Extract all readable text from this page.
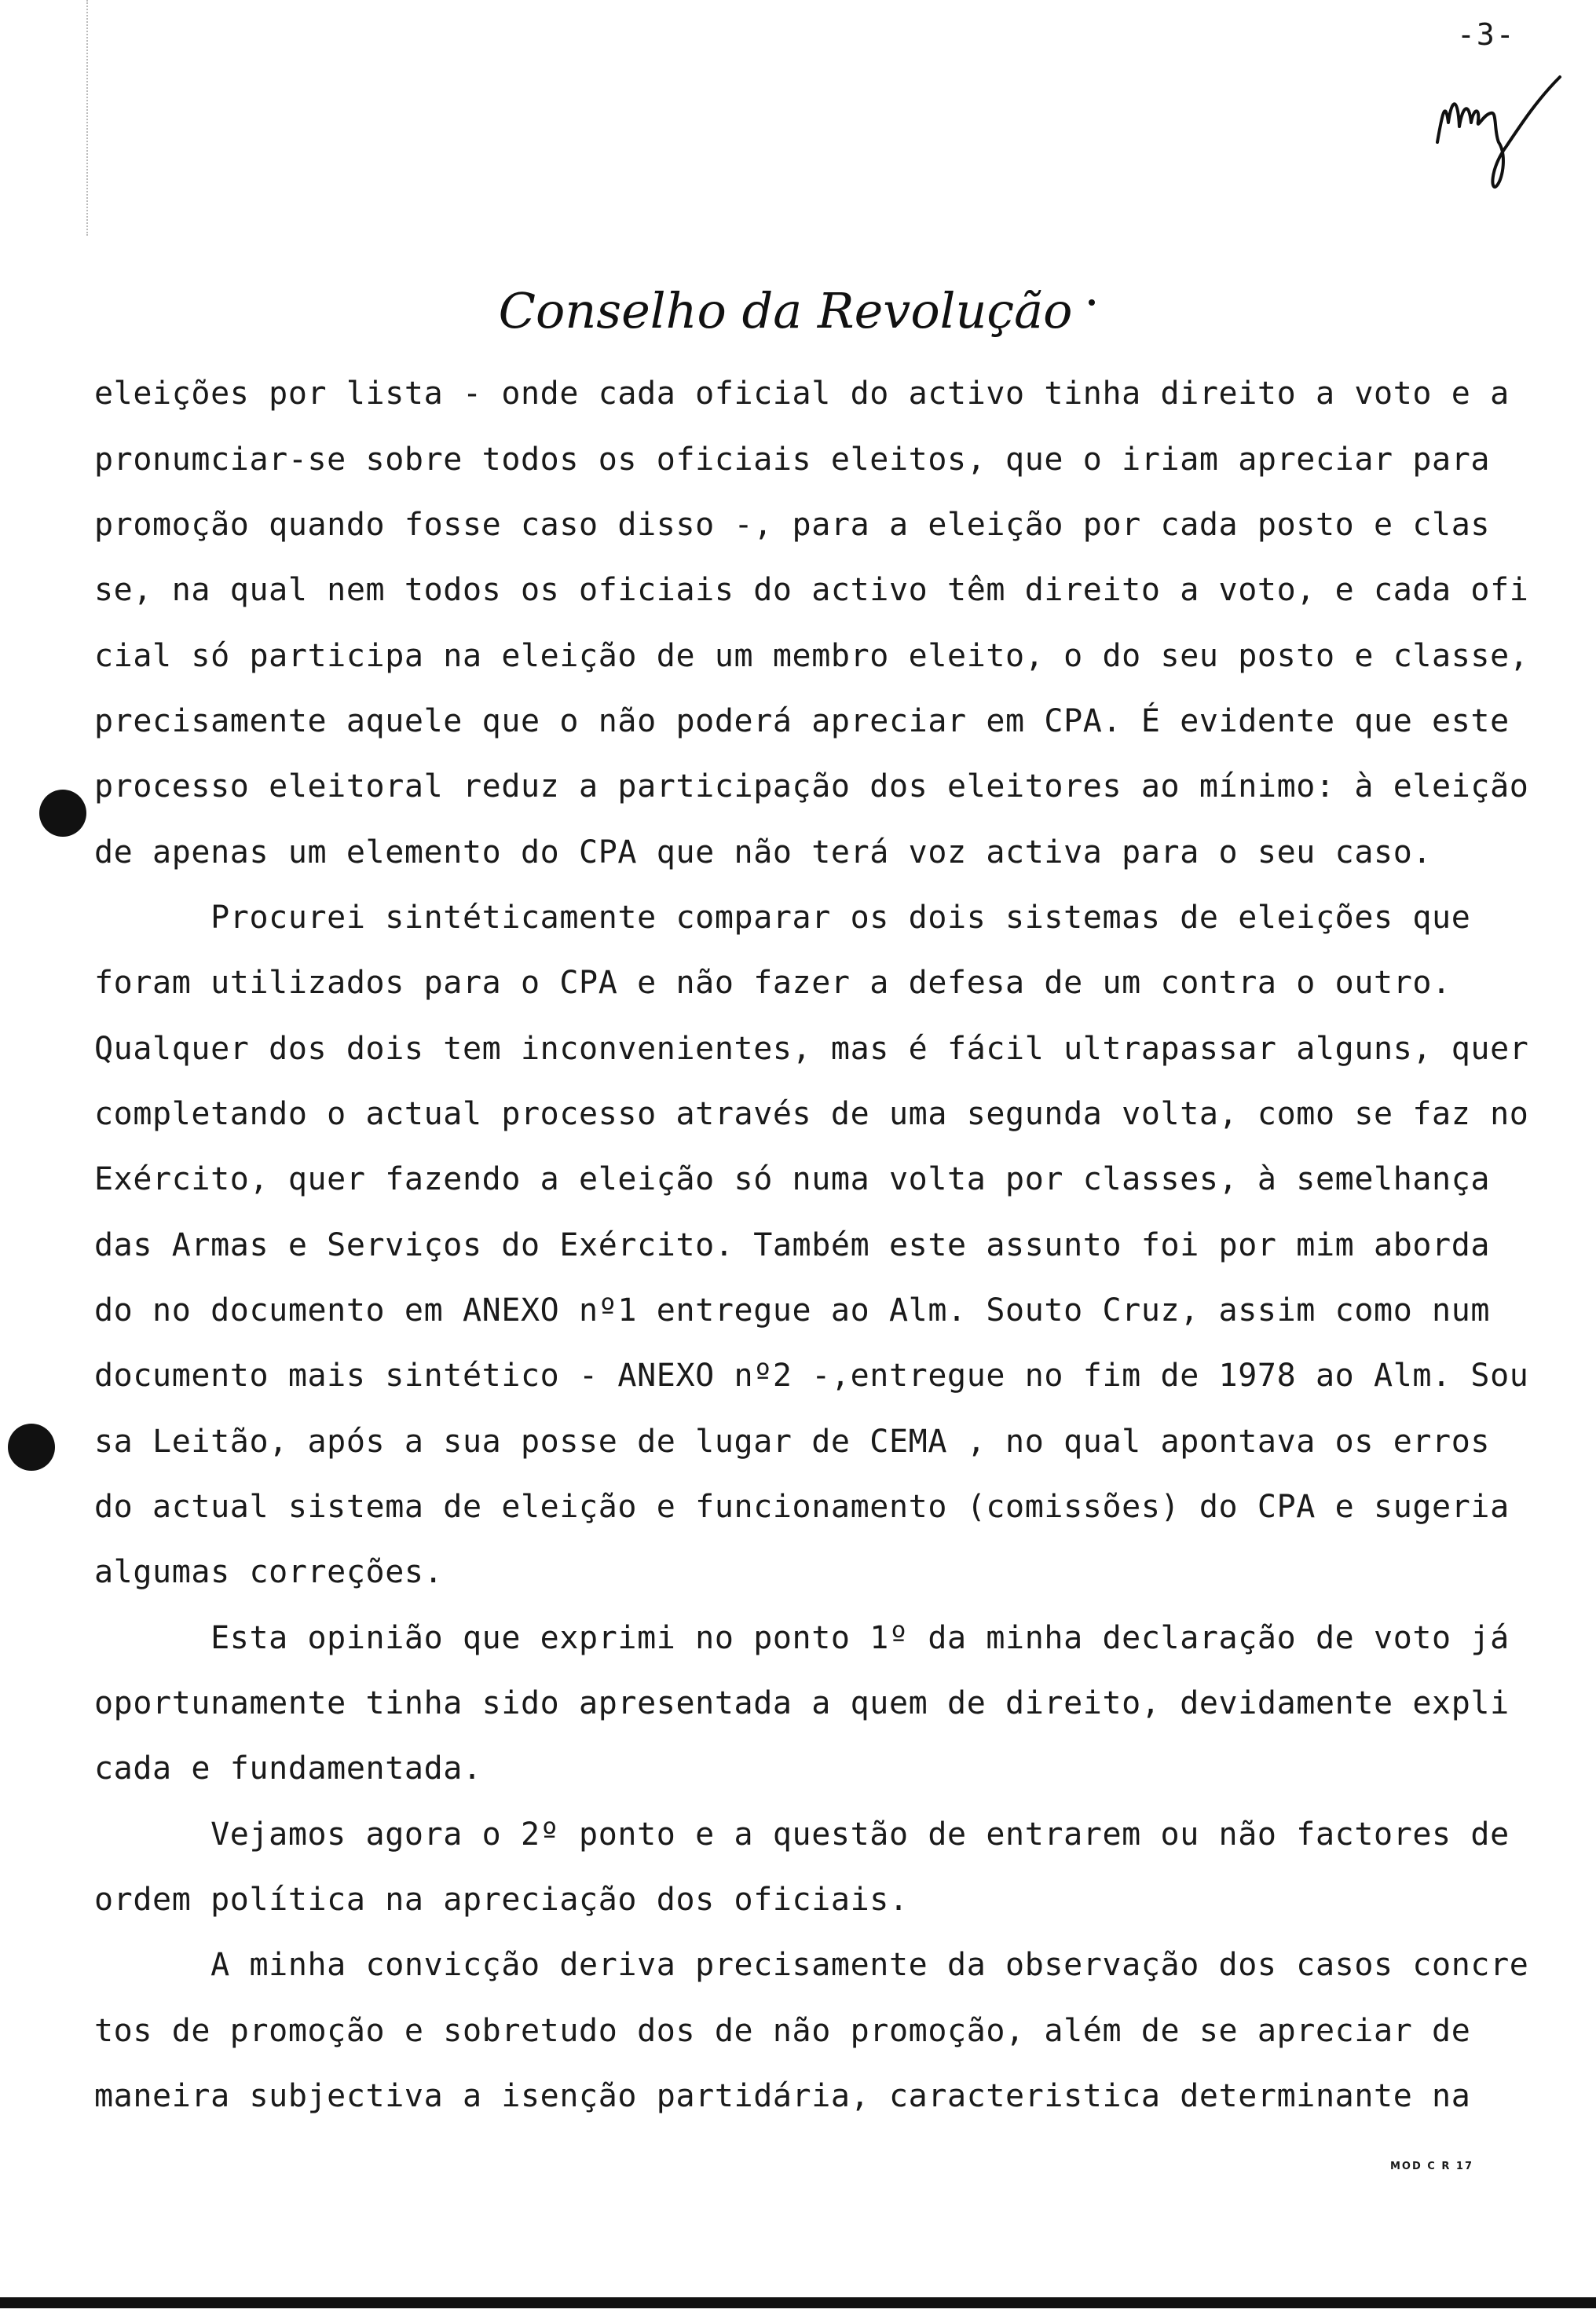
-3-
Conselho da Revolução
eleições por lista - onde cada oficial do activo tinha direito a voto e a
pronumciar-se sobre todos os oficiais eleitos, que o iriam apreciar para
promoção quando fosse caso disso -, para a eleição por cada posto e clas
se, na qual nem todos os oficiais do activo têm direito a voto, e cada ofi
cial só participa na eleição de um membro eleito, o do seu posto e classe,
precisamente aquele que o não poderá apreciar em CPA. É evidente que este
processo eleitoral reduz a participação dos eleitores ao mínimo: à eleição
de apenas um elemento do CPA que não terá voz activa para o seu caso.
Procurei sintéticamente comparar os dois sistemas de eleições que
foram utilizados para o CPA e não fazer a defesa de um contra o outro.
Qualquer dos dois tem inconvenientes, mas é fácil ultrapassar alguns, quer
completando o actual processo através de uma segunda volta, como se faz no
Exército, quer fazendo a eleição só numa volta por classes, à semelhança
das Armas e Serviços do Exército. Também este assunto foi por mim aborda
do no documento em ANEXO nº1 entregue ao Alm. Souto Cruz, assim como num
documento mais sintético - ANEXO nº2 -,entregue no fim de 1978 ao Alm. Sou
sa Leitão, após a sua posse de lugar de CEMA , no qual apontava os erros
do actual sistema de eleição e funcionamento (comissões) do CPA e sugeria
algumas correções.
Esta opinião que exprimi no ponto 1º da minha declaração de voto já
oportunamente tinha sido apresentada a quem de direito, devidamente expli
cada e fundamentada.
Vejamos agora o 2º ponto e a questão de entrarem ou não factores de
ordem política na apreciação dos oficiais.
A minha convicção deriva precisamente da observação dos casos concre
tos de promoção e sobretudo dos de não promoção, além de se apreciar de
maneira subjectiva a isenção partidária, caracteristica determinante na
MOD C R 17
